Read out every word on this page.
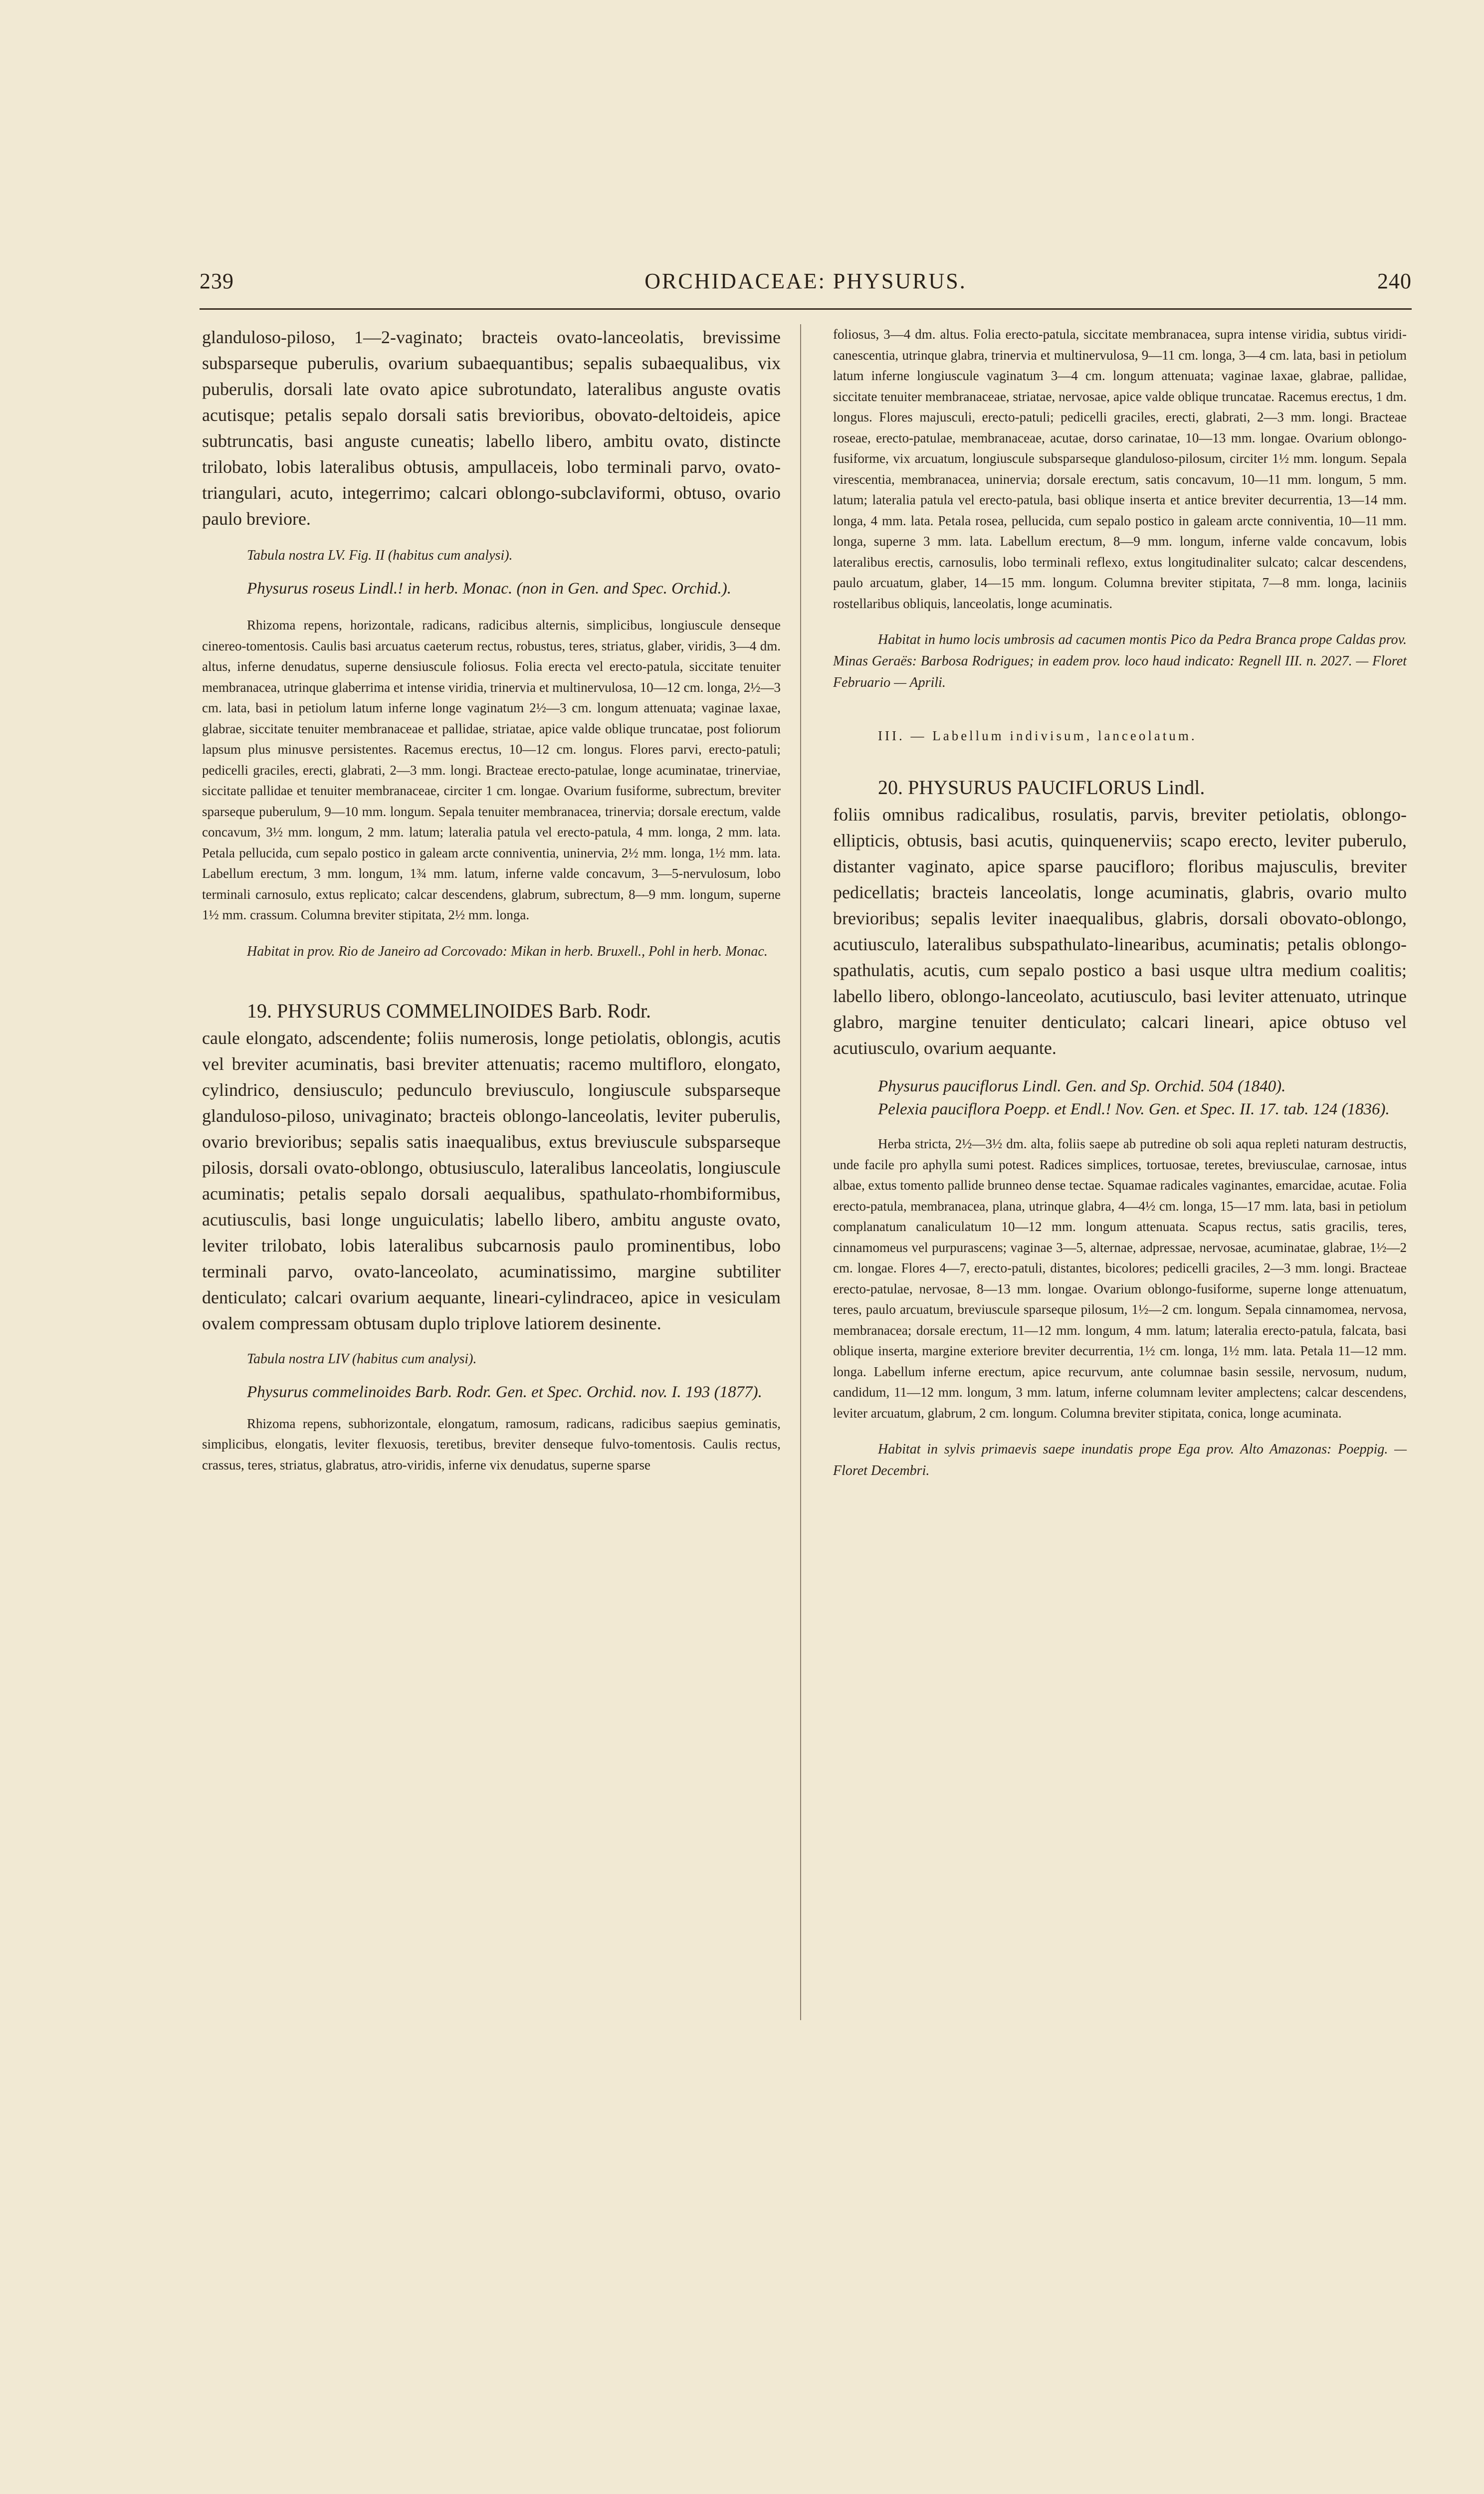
239	ORCHIDACEAE: PHYSURUS.	240

glanduloso-piloso, 1—2-vaginato; bracteis ovato-lanceolatis, brevissime subsparseque puberulis, ovarium subaequantibus; sepalis subaequalibus, vix puberulis, dorsali late ovato apice subrotundato, lateralibus anguste ovatis acutisque; petalis sepalo dorsali satis brevioribus, obovato-deltoideis, apice subtruncatis, basi anguste cuneatis; labello libero, ambitu ovato, distincte trilobato, lobis lateralibus obtusis, ampullaceis, lobo terminali parvo, ovato-triangulari, acuto, integerrimo; calcari oblongo-subclaviformi, obtuso, ovario paulo breviore.

Tabula nostra LV. Fig. II (habitus cum analysi).

Physurus roseus Lindl.! in herb. Monac. (non in Gen. and Spec. Orchid.).

Rhizoma repens, horizontale, radicans, radicibus alternis, simplicibus, longiuscule denseque cinereo-tomentosis. Caulis basi arcuatus caeterum rectus, robustus, teres, striatus, glaber, viridis, 3—4 dm. altus, inferne denudatus, superne densiuscule foliosus. Folia erecta vel erecto-patula, siccitate tenuiter membranacea, utrinque glaberrima et intense viridia, trinervia et multinervulosa, 10—12 cm. longa, 2½—3 cm. lata, basi in petiolum latum inferne longe vaginatum 2½—3 cm. longum attenuata; vaginae laxae, glabrae, siccitate tenuiter membranaceae et pallidae, striatae, apice valde oblique truncatae, post foliorum lapsum plus minusve persistentes. Racemus erectus, 10—12 cm. longus. Flores parvi, erecto-patuli; pedicelli graciles, erecti, glabrati, 2—3 mm. longi. Bracteae erecto-patulae, longe acuminatae, trinerviae, siccitate pallidae et tenuiter membranaceae, circiter 1 cm. longae. Ovarium fusiforme, subrectum, breviter sparseque puberulum, 9—10 mm. longum. Sepala tenuiter membranacea, trinervia; dorsale erectum, valde concavum, 3½ mm. longum, 2 mm. latum; lateralia patula vel erecto-patula, 4 mm. longa, 2 mm. lata. Petala pellucida, cum sepalo postico in galeam arcte conniventia, uninervia, 2½ mm. longa, 1½ mm. lata. Labellum erectum, 3 mm. longum, 1¾ mm. latum, inferne valde concavum, 3—5-nervulosum, lobo terminali carnosulo, extus replicato; calcar descendens, glabrum, subrectum, 8—9 mm. longum, superne 1½ mm. crassum. Columna breviter stipitata, 2½ mm. longa.

Habitat in prov. Rio de Janeiro ad Corcovado: Mikan in herb. Bruxell., Pohl in herb. Monac.

19. PHYSURUS COMMELINOIDES Barb. Rodr.

caule elongato, adscendente; foliis numerosis, longe petiolatis, oblongis, acutis vel breviter acuminatis, basi breviter attenuatis; racemo multifloro, elongato, cylindrico, densiusculo; pedunculo breviusculo, longiuscule subsparseque glanduloso-piloso, univaginato; bracteis oblongo-lanceolatis, leviter puberulis, ovario brevioribus; sepalis satis inaequalibus, extus breviuscule subsparseque pilosis, dorsali ovato-oblongo, obtusiusculo, lateralibus lanceolatis, longiuscule acuminatis; petalis sepalo dorsali aequalibus, spathulato-rhombiformibus, acutiusculis, basi longe unguiculatis; labello libero, ambitu anguste ovato, leviter trilobato, lobis lateralibus subcarnosis paulo prominentibus, lobo terminali parvo, ovato-lanceolato, acuminatissimo, margine subtiliter denticulato; calcari ovarium aequante, lineari-cylindraceo, apice in vesiculam ovalem compressam obtusam duplo triplove latiorem desinente.

Tabula nostra LIV (habitus cum analysi).

Physurus commelinoides Barb. Rodr. Gen. et Spec. Orchid. nov. I. 193 (1877).

Rhizoma repens, subhorizontale, elongatum, ramosum, radicans, radicibus saepius geminatis, simplicibus, elongatis, leviter flexuosis, teretibus, breviter denseque fulvo-tomentosis. Caulis rectus, crassus, teres, striatus, glabratus, atro-viridis, inferne vix denudatus, superne sparse

foliosus, 3—4 dm. altus. Folia erecto-patula, siccitate membranacea, supra intense viridia, subtus viridi-canescentia, utrinque glabra, trinervia et multinervulosa, 9—11 cm. longa, 3—4 cm. lata, basi in petiolum latum inferne longiuscule vaginatum 3—4 cm. longum attenuata; vaginae laxae, glabrae, pallidae, siccitate tenuiter membranaceae, striatae, nervosae, apice valde oblique truncatae. Racemus erectus, 1 dm. longus. Flores majusculi, erecto-patuli; pedicelli graciles, erecti, glabrati, 2—3 mm. longi. Bracteae roseae, erecto-patulae, membranaceae, acutae, dorso carinatae, 10—13 mm. longae. Ovarium oblongo-fusiforme, vix arcuatum, longiuscule subsparseque glanduloso-pilosum, circiter 1½ mm. longum. Sepala virescentia, membranacea, uninervia; dorsale erectum, satis concavum, 10—11 mm. longum, 5 mm. latum; lateralia patula vel erecto-patula, basi oblique inserta et antice breviter decurrentia, 13—14 mm. longa, 4 mm. lata. Petala rosea, pellucida, cum sepalo postico in galeam arcte conniventia, 10—11 mm. longa, superne 3 mm. lata. Labellum erectum, 8—9 mm. longum, inferne valde concavum, lobis lateralibus erectis, carnosulis, lobo terminali reflexo, extus longitudinaliter sulcato; calcar descendens, paulo arcuatum, glaber, 14—15 mm. longum. Columna breviter stipitata, 7—8 mm. longa, laciniis rostellaribus obliquis, lanceolatis, longe acuminatis.

Habitat in humo locis umbrosis ad cacumen montis Pico da Pedra Branca prope Caldas prov. Minas Geraës: Barbosa Rodrigues; in eadem prov. loco haud indicato: Regnell III. n. 2027. — Floret Februario — Aprili.

III. — Labellum indivisum, lanceolatum.

20. PHYSURUS PAUCIFLORUS Lindl.

foliis omnibus radicalibus, rosulatis, parvis, breviter petiolatis, oblongo-ellipticis, obtusis, basi acutis, quinquenerviis; scapo erecto, leviter puberulo, distanter vaginato, apice sparse paucifloro; floribus majusculis, breviter pedicellatis; bracteis lanceolatis, longe acuminatis, glabris, ovario multo brevioribus; sepalis leviter inaequalibus, glabris, dorsali obovato-oblongo, acutiusculo, lateralibus subspathulato-linearibus, acuminatis; petalis oblongo-spathulatis, acutis, cum sepalo postico a basi usque ultra medium coalitis; labello libero, oblongo-lanceolato, acutiusculo, basi leviter attenuato, utrinque glabro, margine tenuiter denticulato; calcari lineari, apice obtuso vel acutiusculo, ovarium aequante.

Physurus pauciflorus Lindl. Gen. and Sp. Orchid. 504 (1840).

Pelexia pauciflora Poepp. et Endl.! Nov. Gen. et Spec. II. 17. tab. 124 (1836).

Herba stricta, 2½—3½ dm. alta, foliis saepe ab putredine ob soli aqua repleti naturam destructis, unde facile pro aphylla sumi potest. Radices simplices, tortuosae, teretes, breviusculae, carnosae, intus albae, extus tomento pallide brunneo dense tectae. Squamae radicales vaginantes, emarcidae, acutae. Folia erecto-patula, membranacea, plana, utrinque glabra, 4—4½ cm. longa, 15—17 mm. lata, basi in petiolum complanatum canaliculatum 10—12 mm. longum attenuata. Scapus rectus, satis gracilis, teres, cinnamomeus vel purpurascens; vaginae 3—5, alternae, adpressae, nervosae, acuminatae, glabrae, 1½—2 cm. longae. Flores 4—7, erecto-patuli, distantes, bicolores; pedicelli graciles, 2—3 mm. longi. Bracteae erecto-patulae, nervosae, 8—13 mm. longae. Ovarium oblongo-fusiforme, superne longe attenuatum, teres, paulo arcuatum, breviuscule sparseque pilosum, 1½—2 cm. longum. Sepala cinnamomea, nervosa, membranacea; dorsale erectum, 11—12 mm. longum, 4 mm. latum; lateralia erecto-patula, falcata, basi oblique inserta, margine exteriore breviter decurrentia, 1½ cm. longa, 1½ mm. lata. Petala 11—12 mm. longa. Labellum inferne erectum, apice recurvum, ante columnae basin sessile, nervosum, nudum, candidum, 11—12 mm. longum, 3 mm. latum, inferne columnam leviter amplectens; calcar descendens, leviter arcuatum, glabrum, 2 cm. longum. Columna breviter stipitata, conica, longe acuminata.

Habitat in sylvis primaevis saepe inundatis prope Ega prov. Alto Amazonas: Poeppig. — Floret Decembri.
